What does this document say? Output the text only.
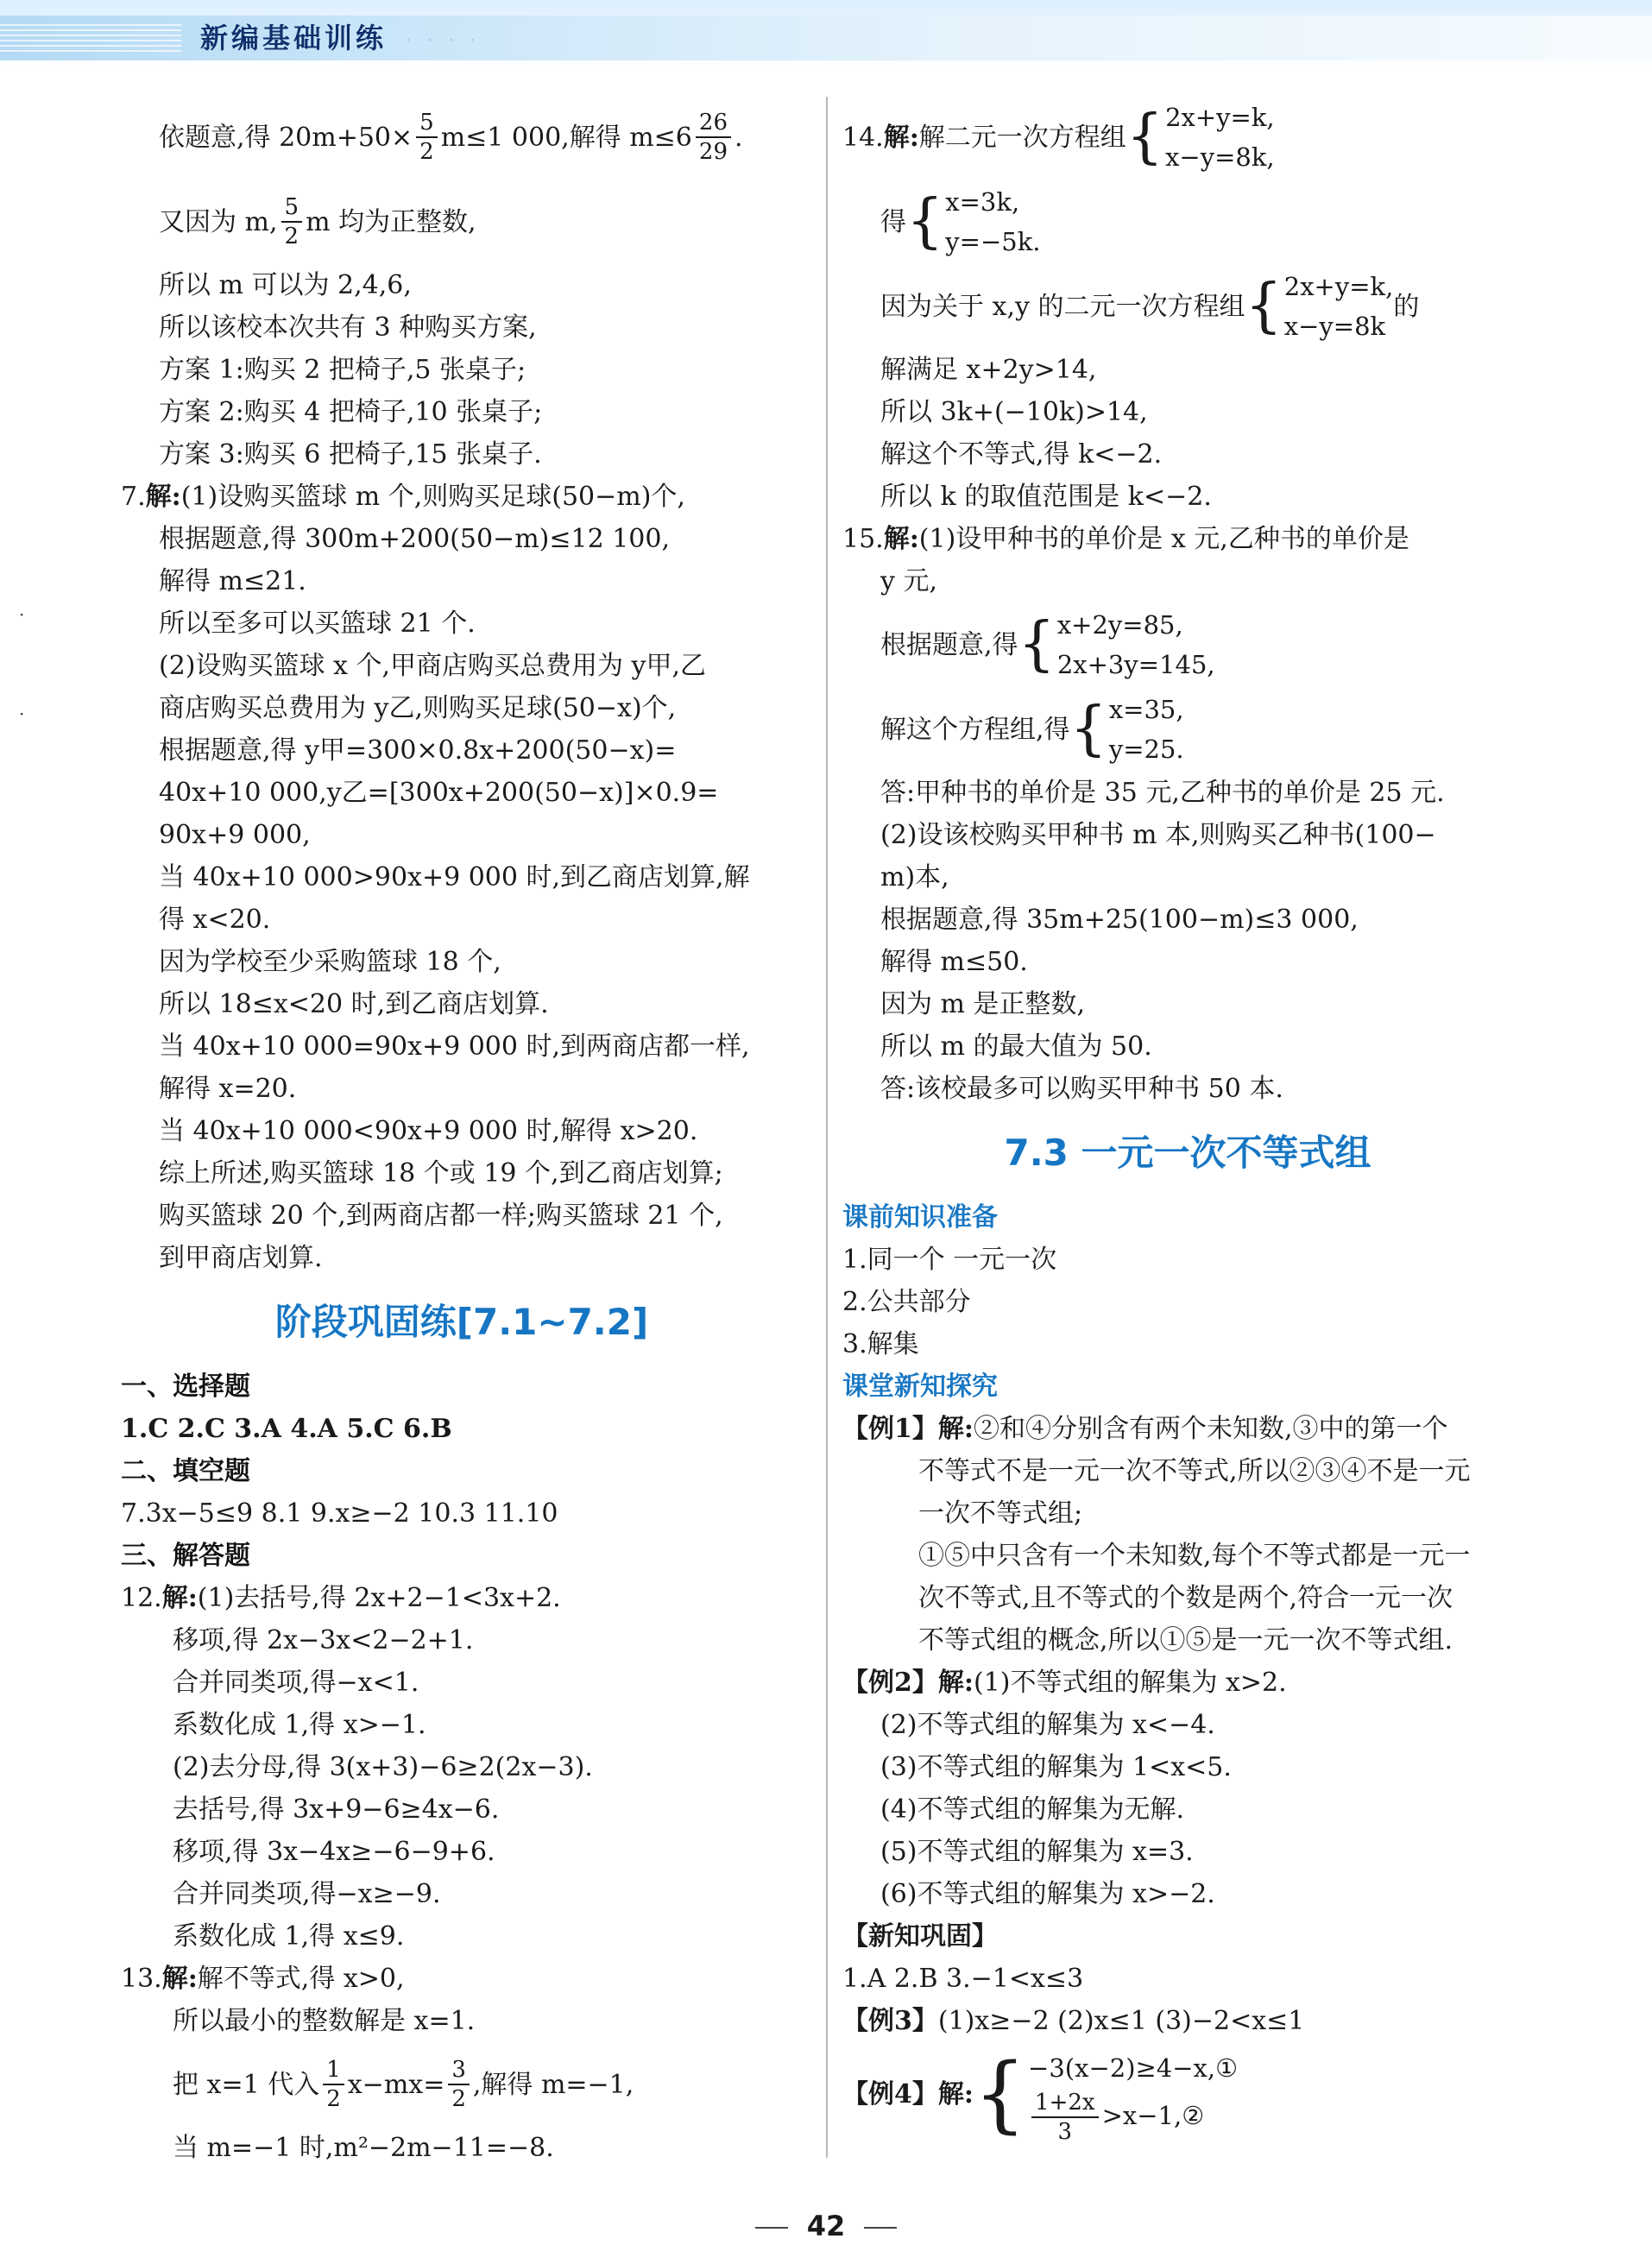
新编基础训练 · · · ·
·
·
依题意,得 $20m+50\times \frac{5}{2} m\le 1$ 000,解得 $m\le 6 \frac{26}{29}$ .
又因为 m, $\frac{5}{2}$ m 均为正整数,
所以 m 可以为 2,4,6,
所以该校本次共有 3 种购买方案,
方案 1:购买 2 把椅子,5 张桌子;
方案 2:购买 4 把椅子,10 张桌子;
方案 3:购买 6 把椅子,15 张桌子.
7.解:(1)设购买篮球 m 个,则购买足球(50−m)个,
根据题意,得 300m+200(50−m)≤12 100,
解得 m≤21.
所以至多可以买篮球 21 个.
(2)设购买篮球 x 个,甲商店购买总费用为 y甲,乙
商店购买总费用为 y乙,则购买足球(50−x)个,
根据题意,得 y甲=300×0.8x+200(50−x)=
40x+10 000,y乙=[300x+200(50−x)]×0.9=
90x+9 000,
当 40x+10 000>90x+9 000 时,到乙商店划算,解
得 x<20.
因为学校至少采购篮球 18 个,
所以 18≤x<20 时,到乙商店划算.
当 40x+10 000=90x+9 000 时,到两商店都一样,
解得 x=20.
当 40x+10 000<90x+9 000 时,解得 x>20.
综上所述,购买篮球 18 个或 19 个,到乙商店划算;
购买篮球 20 个,到两商店都一样;购买篮球 21 个,
到甲商店划算.
阶段巩固练[7.1~7.2]
一、选择题
1.C 2.C 3.A 4.A 5.C 6.B
二、填空题
7.3x−5≤9 8.1 9.x≥−2 10.3 11.10
三、解答题
12.解:(1)去括号,得 2x+2−1<3x+2.
移项,得 2x−3x<2−2+1.
合并同类项,得−x<1.
系数化成 1,得 x>−1.
(2)去分母,得 3(x+3)−6≥2(2x−3).
去括号,得 3x+9−6≥4x−6.
移项,得 3x−4x≥−6−9+6.
合并同类项,得−x≥−9.
系数化成 1,得 x≤9.
13.解:解不等式,得 x>0,
所以最小的整数解是 x=1.
把 x=1 代入 $\frac{1}{2} x-mx= \frac{3}{2}$ ,解得 m=−1,
当 m=−1 时,m²−2m−11=−8.
14. 解: 解二元一次方程组 { 2x+y=k,
x−y=8k,
得 { x=3k,
y=−5k.
因为关于 x,y 的二元一次方程组 { 2x+y=k,
x−y=8k
的
解满足 x+2y>14,
所以 3k+(−10k)>14,
解这个不等式,得 k<−2.
所以 k 的取值范围是 k<−2.
15.解:(1)设甲种书的单价是 x 元,乙种书的单价是
y 元,
根据题意,得 { x+2y=85,
2x+3y=145,
解这个方程组,得 { x=35,
y=25.
答:甲种书的单价是 35 元,乙种书的单价是 25 元.
(2)设该校购买甲种书 m 本,则购买乙种书(100−
m)本,
根据题意,得 35m+25(100−m)≤3 000,
解得 m≤50.
因为 m 是正整数,
所以 m 的最大值为 50.
答:该校最多可以购买甲种书 50 本.
7.3 一元一次不等式组
课前知识准备
1.同一个 一元一次
2.公共部分
3.解集
课堂新知探究
【例1】解:②和④分别含有两个未知数,③中的第一个
不等式不是一元一次不等式,所以②③④不是一元
一次不等式组;
①⑤中只含有一个未知数,每个不等式都是一元一
次不等式,且不等式的个数是两个,符合一元一次
不等式组的概念,所以①⑤是一元一次不等式组.
【例2】解:(1)不等式组的解集为 x>2.
(2)不等式组的解集为 x<−4.
(3)不等式组的解集为 1<x<5.
(4)不等式组的解集为无解.
(5)不等式组的解集为 x=3.
(6)不等式组的解集为 x>−2.
【新知巩固】
1.A 2.B 3.−1<x≤3
【例3】(1)x≥−2 (2)x≤1 (3)−2<x≤1
【例4】 解: { −3(x−2)≥4−x,①
$\frac{1+2x}{3}$ >x−1,②
42
